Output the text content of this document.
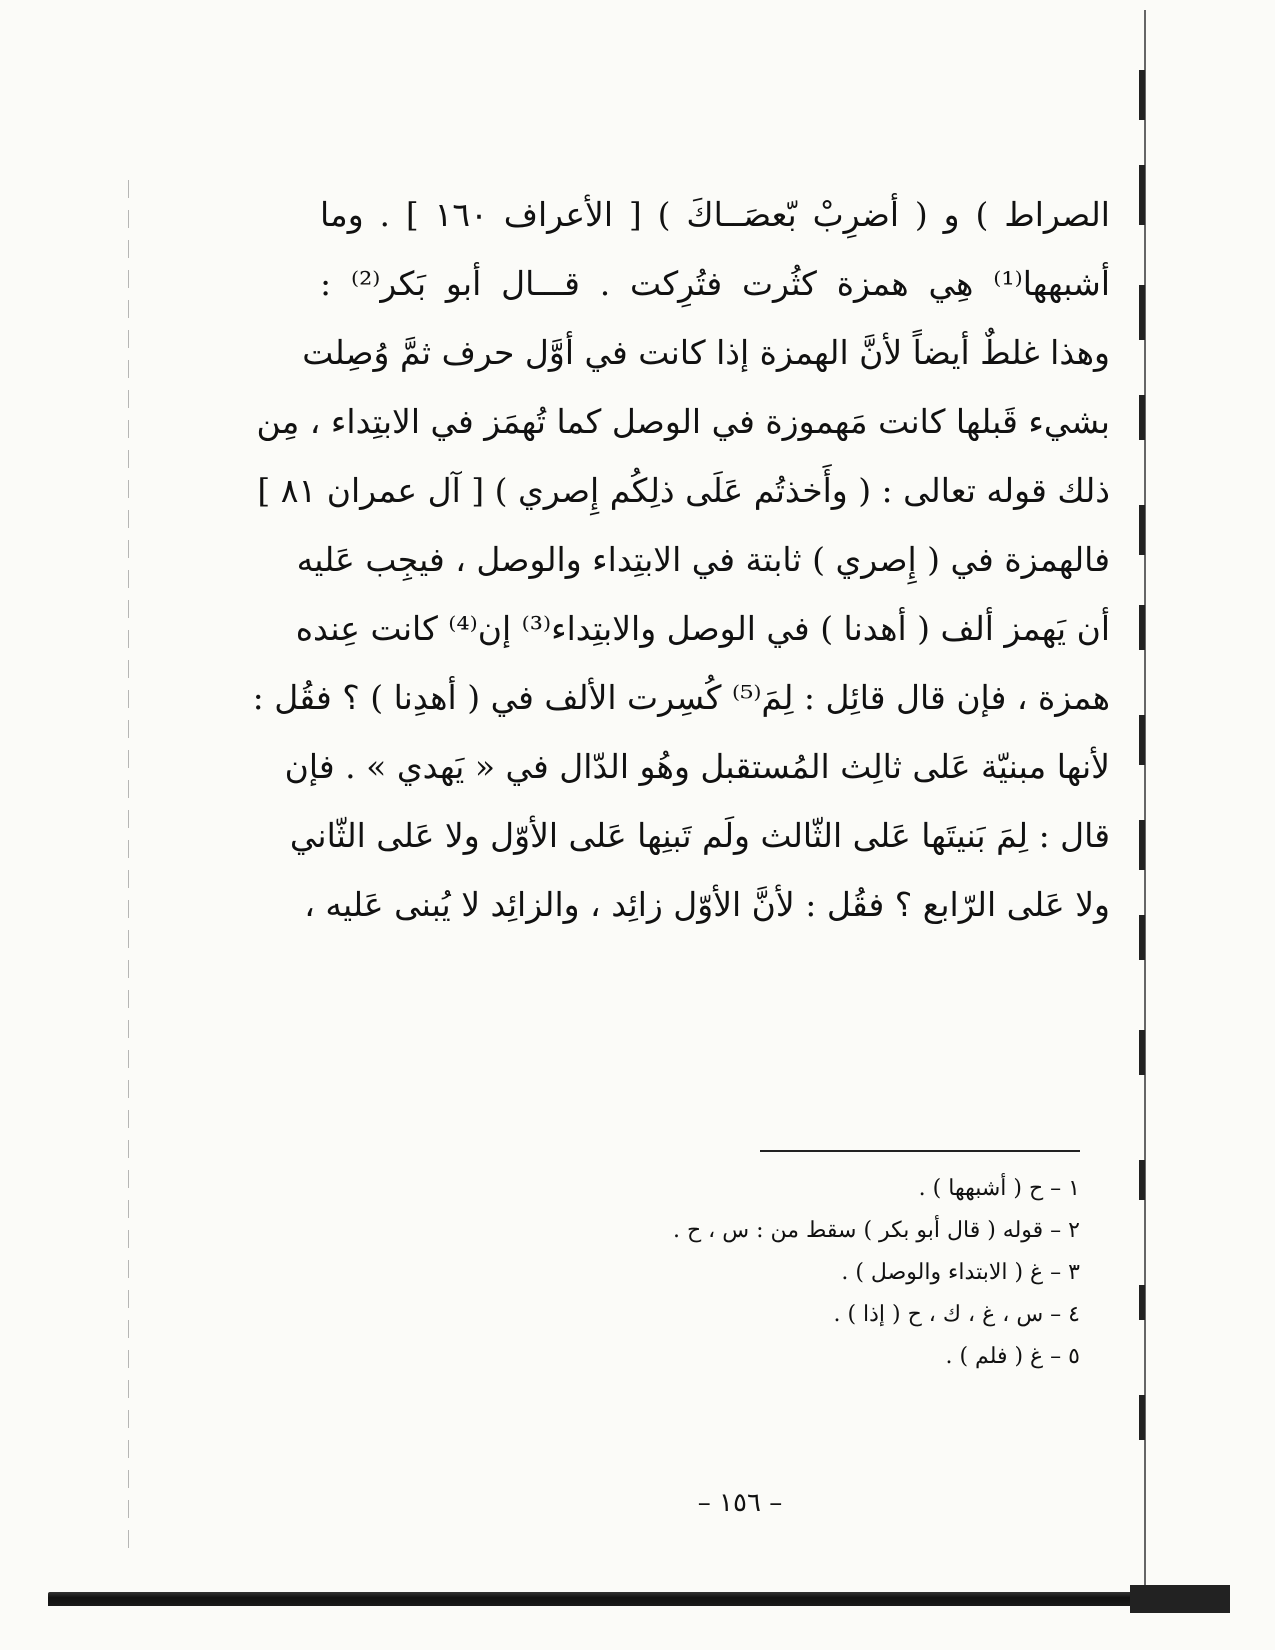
الصراط ) و ( أضرِبْ بّعصَــاكَ ) [ الأعراف ١٦٠ ] . وما
أشبهها⁽¹⁾ هِي همزة كثُرت فتُرِكت . قـــال أبو بَكر⁽²⁾ :
وهذا غلطٌ أيضاً لأنَّ الهمزة إذا كانت في أوَّل حرف ثمَّ وُصِلت
بشيء قَبلها كانت مَهموزة في الوصل كما تُهمَز في الابتِداء ، مِن
ذلك قوله تعالى : ( وأَخذتُم عَلَى ذلِكُم إِصري ) [ آل عمران ٨١ ]
فالهمزة في ( إِصري ) ثابتة في الابتِداء والوصل ، فيجِب عَليه
أن يَهمز ألف ( أهدنا ) في الوصل والابتِداء⁽³⁾ إن⁽⁴⁾ كانت عِنده
همزة ، فإن قال قائِل : لِمَ⁽⁵⁾ كُسِرت الألف في ( أهدِنا ) ؟ فقُل :
لأنها مبنيّة عَلى ثالِث المُستقبل وهُو الدّال في « يَهدي » . فإن
قال : لِمَ بَنيتَها عَلى الثّالث ولَم تَبنِها عَلى الأوّل ولا عَلى الثّاني
ولا عَلى الرّابع ؟ فقُل : لأنَّ الأوّل زائِد ، والزائِد لا يُبنى عَليه ،
١ – ح ( أشبهها ) .
٢ – قوله ( قال أبو بكر ) سقط من : س ، ح .
٣ – غ ( الابتداء والوصل ) .
٤ – س ، غ ، ك ، ح ( إذا ) .
٥ – غ ( فلم ) .
– ١٥٦ –
